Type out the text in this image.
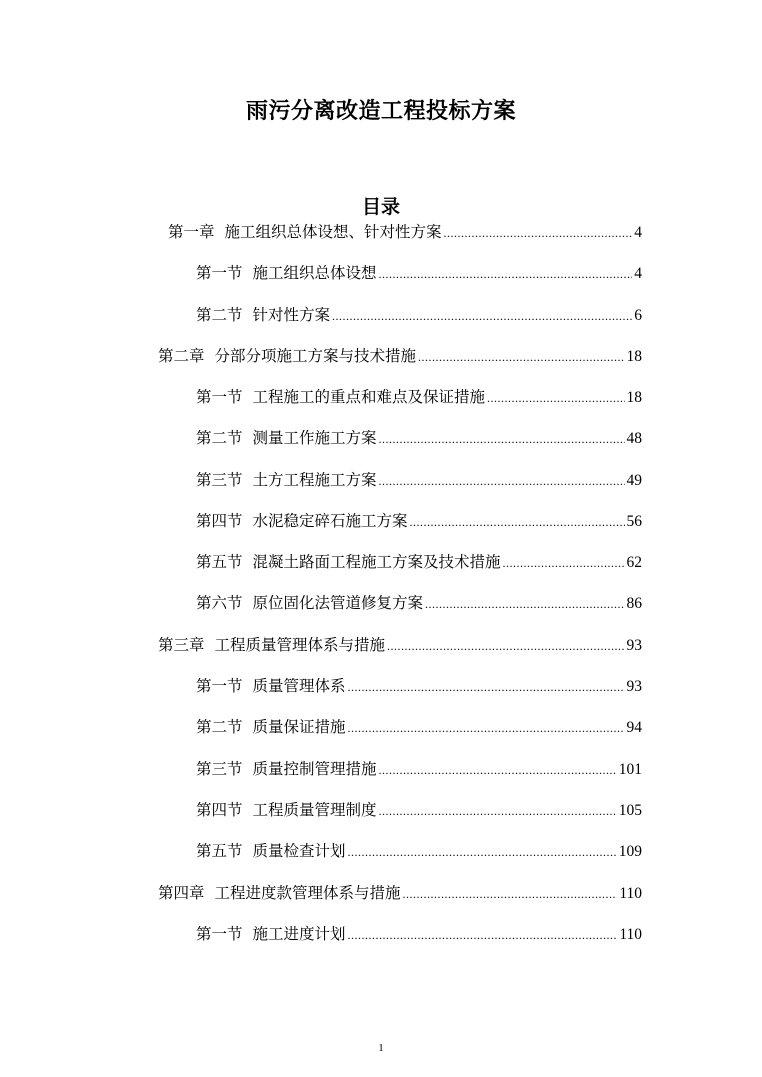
雨污分离改造工程投标方案
目录
第一章 施工组织总体设想、针对性方案 .....	4
第一节 施工组织总体设想 .....	4
第二节 针对性方案 .....	6
第二章 分部分项施工方案与技术措施 .....	18
第一节 工程施工的重点和难点及保证措施 .....	18
第二节 测量工作施工方案 .....	48
第三节 土方工程施工方案 .....	49
第四节 水泥稳定碎石施工方案 .....	56
第五节 混凝土路面工程施工方案及技术措施 .....	62
第六节 原位固化法管道修复方案 .....	86
第三章 工程质量管理体系与措施 .....	93
第一节 质量管理体系 .....	93
第二节 质量保证措施 .....	94
第三节 质量控制管理措施 .....	101
第四节 工程质量管理制度 .....	105
第五节 质量检查计划 .....	109
第四章 工程进度款管理体系与措施 .....	110
第一节 施工进度计划 .....	110
1
